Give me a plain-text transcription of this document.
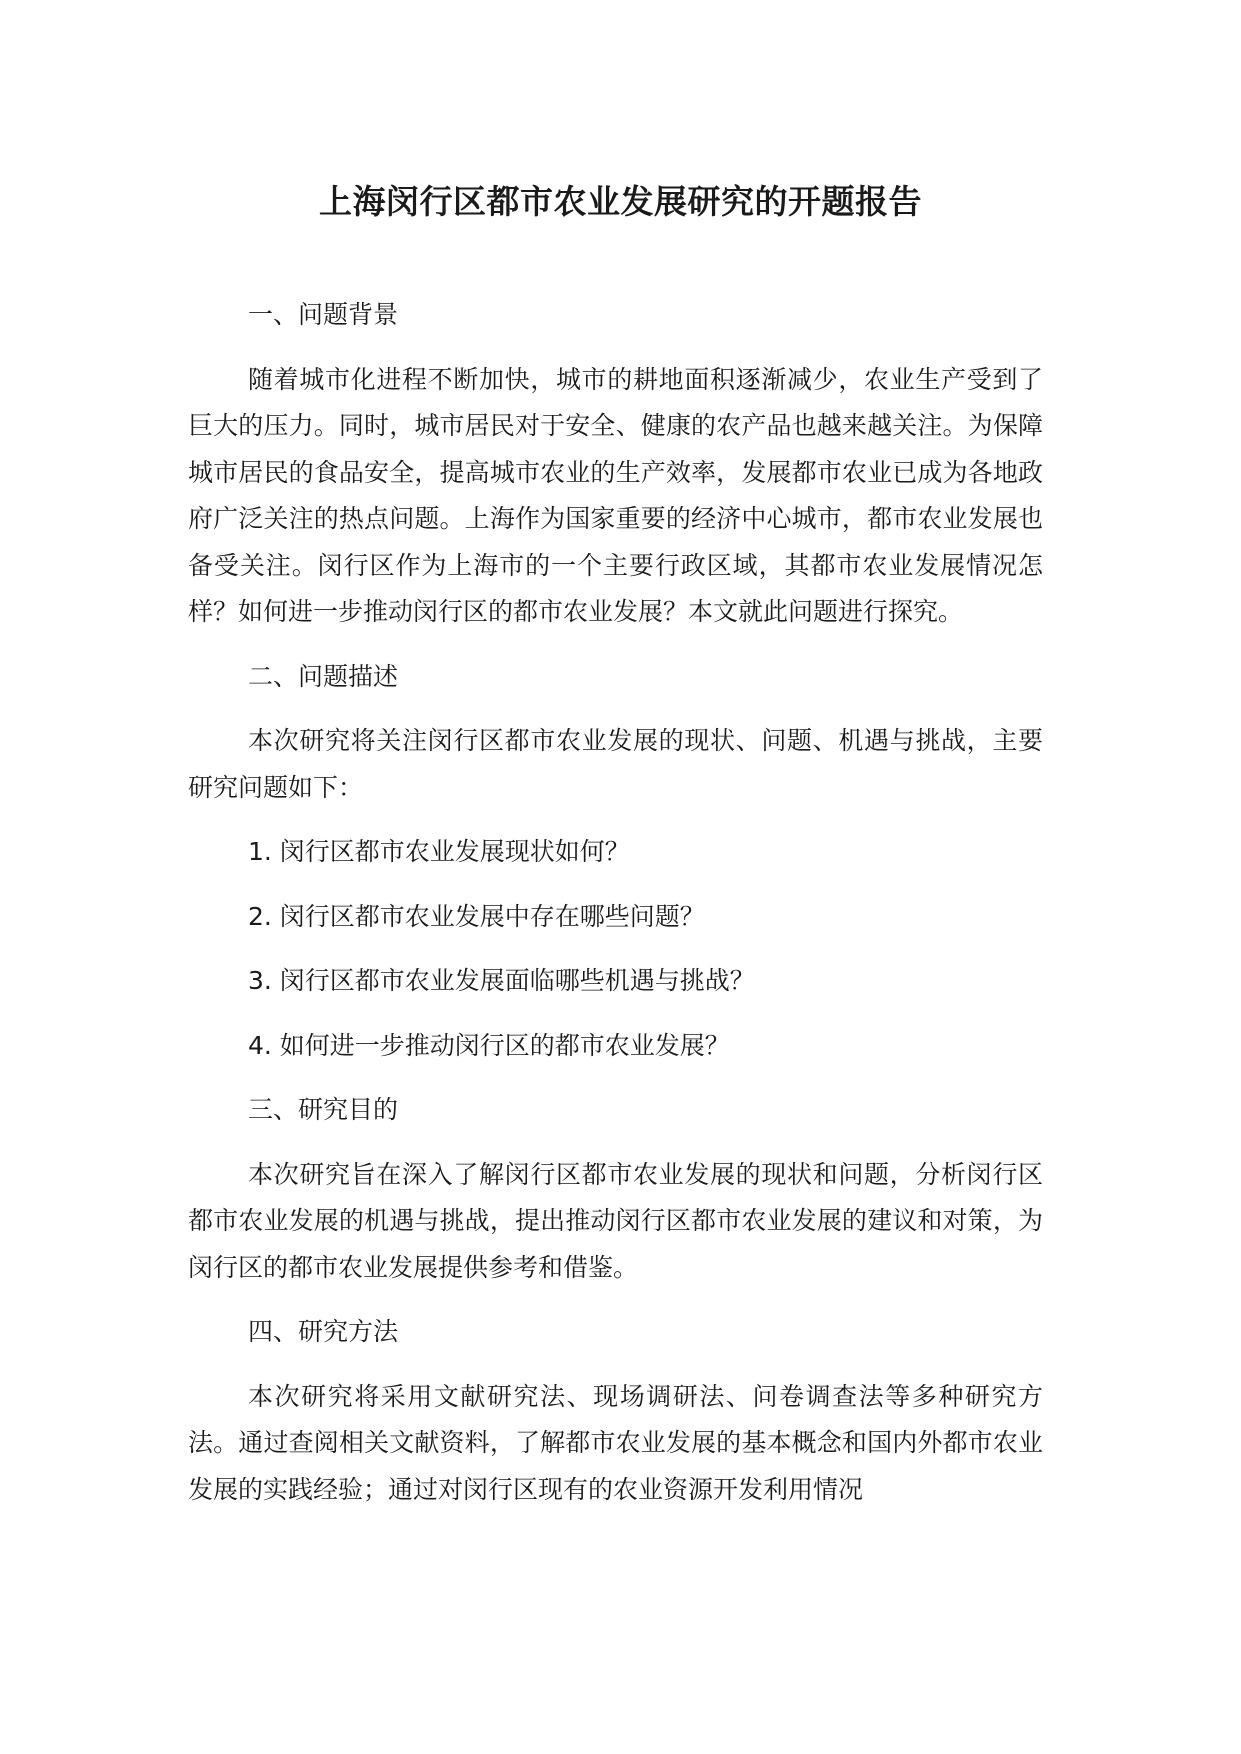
上海闵行区都市农业发展研究的开题报告

一、问题背景

随着城市化进程不断加快，城市的耕地面积逐渐减少，农业生产受到了巨大的压力。同时，城市居民对于安全、健康的农产品也越来越关注。为保障城市居民的食品安全，提高城市农业的生产效率，发展都市农业已成为各地政府广泛关注的热点问题。上海作为国家重要的经济中心城市，都市农业发展也备受关注。闵行区作为上海市的一个主要行政区域，其都市农业发展情况怎样？如何进一步推动闵行区的都市农业发展？本文就此问题进行探究。

二、问题描述

本次研究将关注闵行区都市农业发展的现状、问题、机遇与挑战，主要研究问题如下：

1. 闵行区都市农业发展现状如何？

2. 闵行区都市农业发展中存在哪些问题？

3. 闵行区都市农业发展面临哪些机遇与挑战？

4. 如何进一步推动闵行区的都市农业发展？

三、研究目的

本次研究旨在深入了解闵行区都市农业发展的现状和问题，分析闵行区都市农业发展的机遇与挑战，提出推动闵行区都市农业发展的建议和对策，为闵行区的都市农业发展提供参考和借鉴。

四、研究方法

本次研究将采用文献研究法、现场调研法、问卷调查法等多种研究方法。通过查阅相关文献资料，了解都市农业发展的基本概念和国内外都市农业发展的实践经验；通过对闵行区现有的农业资源开发利用情况
